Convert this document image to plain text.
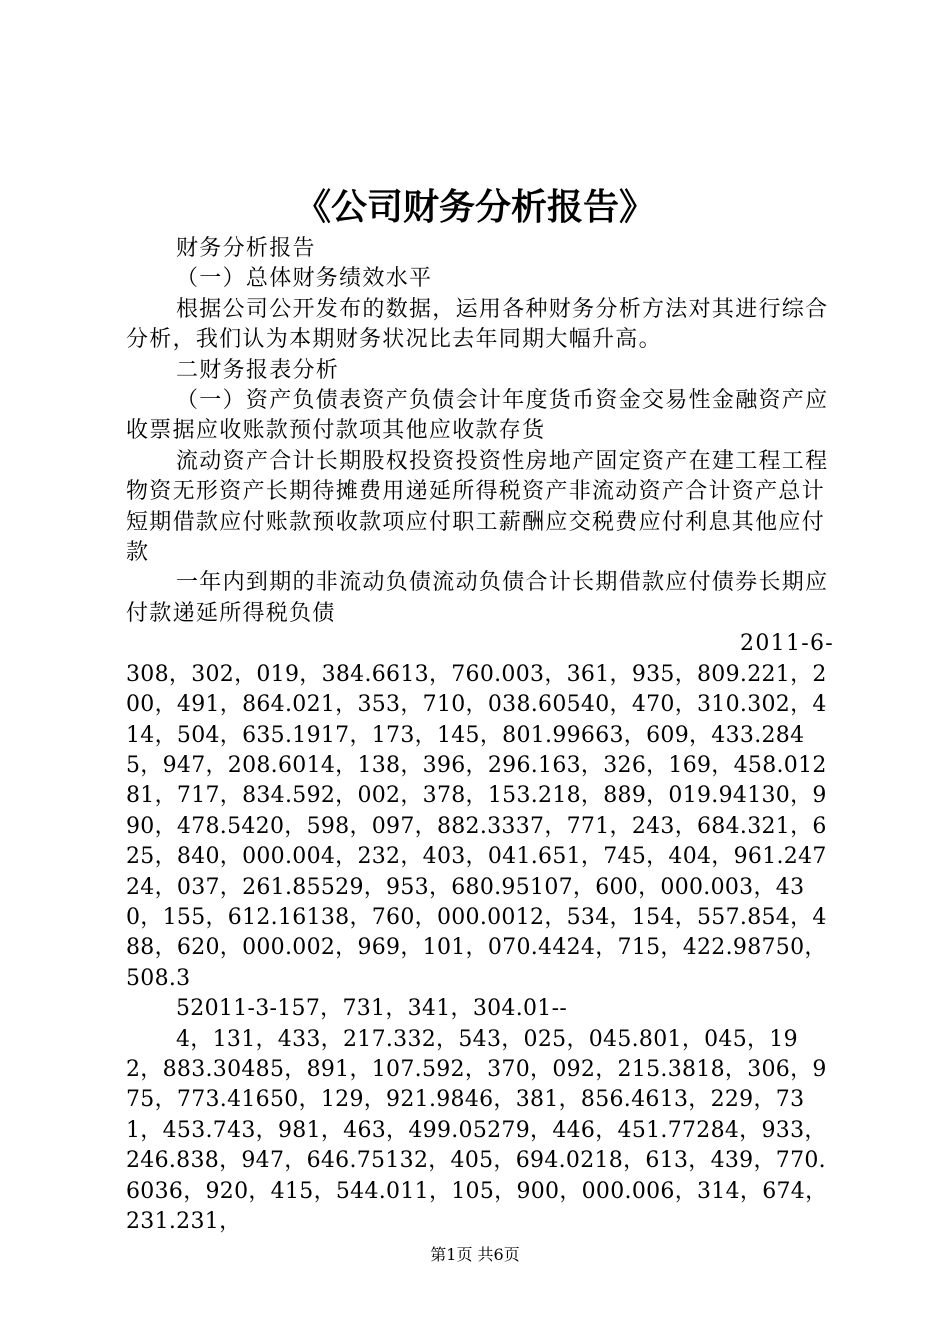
《公司财务分析报告》

财务分析报告

（一）总体财务绩效水平

根据公司公开发布的数据，运用各种财务分析方法对其进行综合分析，我们认为本期财务状况比去年同期大幅升高。

二财务报表分析

（一）资产负债表资产负债会计年度货币资金交易性金融资产应收票据应收账款预付款项其他应收款存货

流动资产合计长期股权投资投资性房地产固定资产在建工程工程物资无形资产长期待摊费用递延所得税资产非流动资产合计资产总计短期借款应付账款预收款项应付职工薪酬应交税费应付利息其他应付款

一年内到期的非流动负债流动负债合计长期借款应付债券长期应付款递延所得税负债

2011-6-

308，302，019，384.6613，760.003，361，935，809.221，200，491，864.021，353，710，038.60540，470，310.302，414，504，635.1917，173，145，801.99663，609，433.2845，947，208.6014，138，396，296.163，326，169，458.01281，717，834.592，002，378，153.218，889，019.94130，990，478.5420，598，097，882.3337，771，243，684.321，625，840，000.004，232，403，041.651，745，404，961.24724，037，261.85529，953，680.95107，600，000.003，430，155，612.16138，760，000.0012，534，154，557.854，488，620，000.002，969，101，070.4424，715，422.98750，508.3

52011-3-157，731，341，304.01--

4，131，433，217.332，543，025，045.801，045，192，883.30485，891，107.592，370，092，215.3818，306，975，773.41650，129，921.9846，381，856.4613，229，731，453.743，981，463，499.05279，446，451.77284，933，246.838，947，646.75132，405，694.0218，613，439，770.6036，920，415，544.011，105，900，000.006，314，674，231.231，

第1页 共6页
